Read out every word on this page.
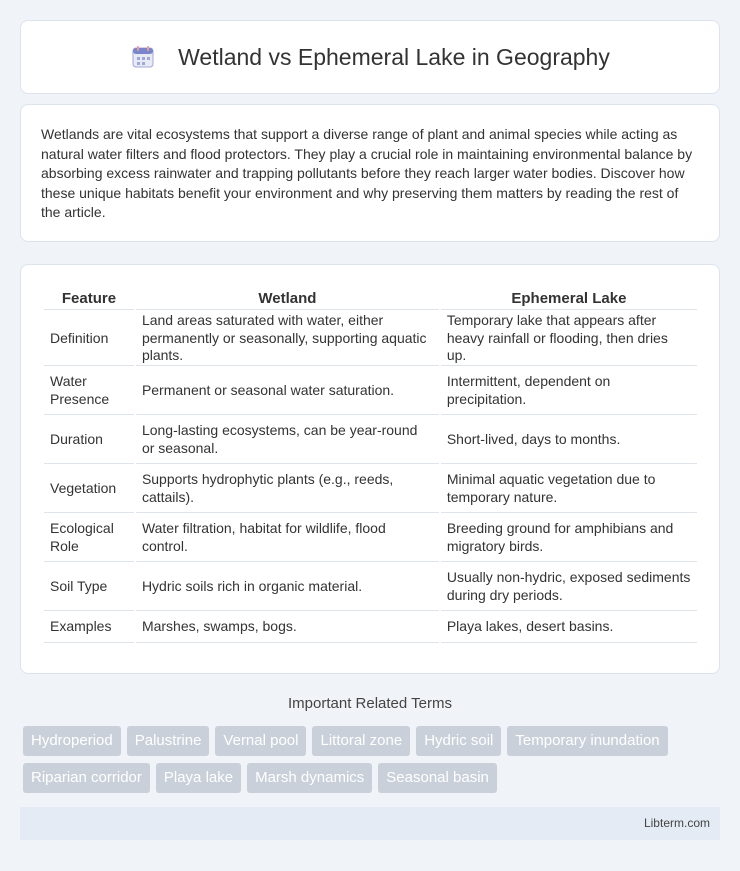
Wetland vs Ephemeral Lake in Geography

Wetlands are vital ecosystems that support a diverse range of plant and animal species while acting as natural water filters and flood protectors. They play a crucial role in maintaining environmental balance by absorbing excess rainwater and trapping pollutants before they reach larger water bodies. Discover how these unique habitats benefit your environment and why preserving them matters by reading the rest of the article.

Feature	Wetland	Ephemeral Lake
Definition	Land areas saturated with water, either permanently or seasonally, supporting aquatic plants.	Temporary lake that appears after heavy rainfall or flooding, then dries up.
Water Presence	Permanent or seasonal water saturation.	Intermittent, dependent on precipitation.
Duration	Long-lasting ecosystems, can be year-round or seasonal.	Short-lived, days to months.
Vegetation	Supports hydrophytic plants (e.g., reeds, cattails).	Minimal aquatic vegetation due to temporary nature.
Ecological Role	Water filtration, habitat for wildlife, flood control.	Breeding ground for amphibians and migratory birds.
Soil Type	Hydric soils rich in organic material.	Usually non-hydric, exposed sediments during dry periods.
Examples	Marshes, swamps, bogs.	Playa lakes, desert basins.
Important Related Terms
Hydroperiod	Palustrine	Vernal pool	Littoral zone	Hydric soil	Temporary inundation
Riparian corridor	Playa lake	Marsh dynamics	Seasonal basin
Libterm.com
